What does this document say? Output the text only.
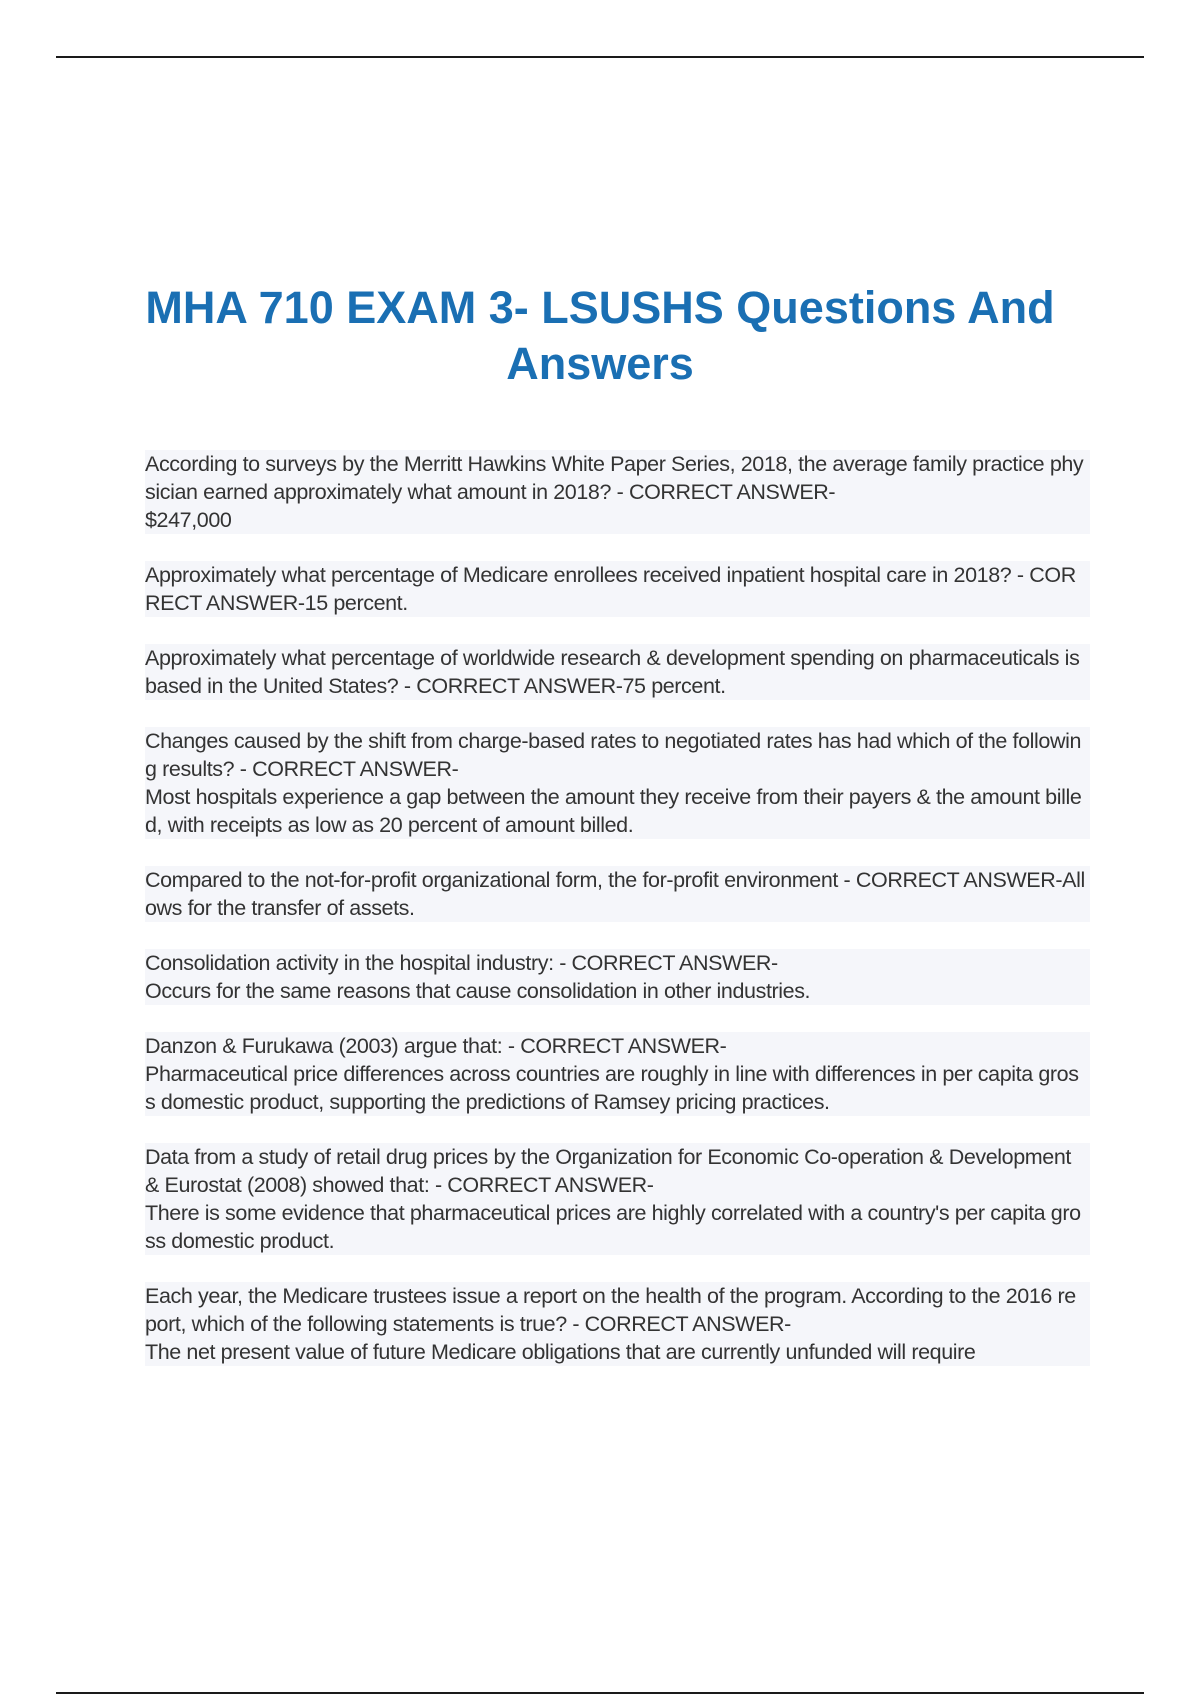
MHA 710 EXAM 3- LSUSHS Questions And Answers

According to surveys by the Merritt Hawkins White Paper Series, 2018, the average family practice physician earned approximately what amount in 2018? - CORRECT ANSWER-
$247,000

Approximately what percentage of Medicare enrollees received inpatient hospital care in 2018? - CORRECT ANSWER-15 percent.

Approximately what percentage of worldwide research & development spending on pharmaceuticals is based in the United States? - CORRECT ANSWER-75 percent.

Changes caused by the shift from charge-based rates to negotiated rates has had which of the following results? - CORRECT ANSWER-
Most hospitals experience a gap between the amount they receive from their payers & the amount billed, with receipts as low as 20 percent of amount billed.

Compared to the not-for-profit organizational form, the for-profit environment - CORRECT ANSWER-Allows for the transfer of assets.

Consolidation activity in the hospital industry: - CORRECT ANSWER-
Occurs for the same reasons that cause consolidation in other industries.

Danzon & Furukawa (2003) argue that: - CORRECT ANSWER-
Pharmaceutical price differences across countries are roughly in line with differences in per capita gross domestic product, supporting the predictions of Ramsey pricing practices.

Data from a study of retail drug prices by the Organization for Economic Co-operation & Development & Eurostat (2008) showed that: - CORRECT ANSWER-
There is some evidence that pharmaceutical prices are highly correlated with a country's per capita gross domestic product.

Each year, the Medicare trustees issue a report on the health of the program. According to the 2016 report, which of the following statements is true? - CORRECT ANSWER-
The net present value of future Medicare obligations that are currently unfunded will require
